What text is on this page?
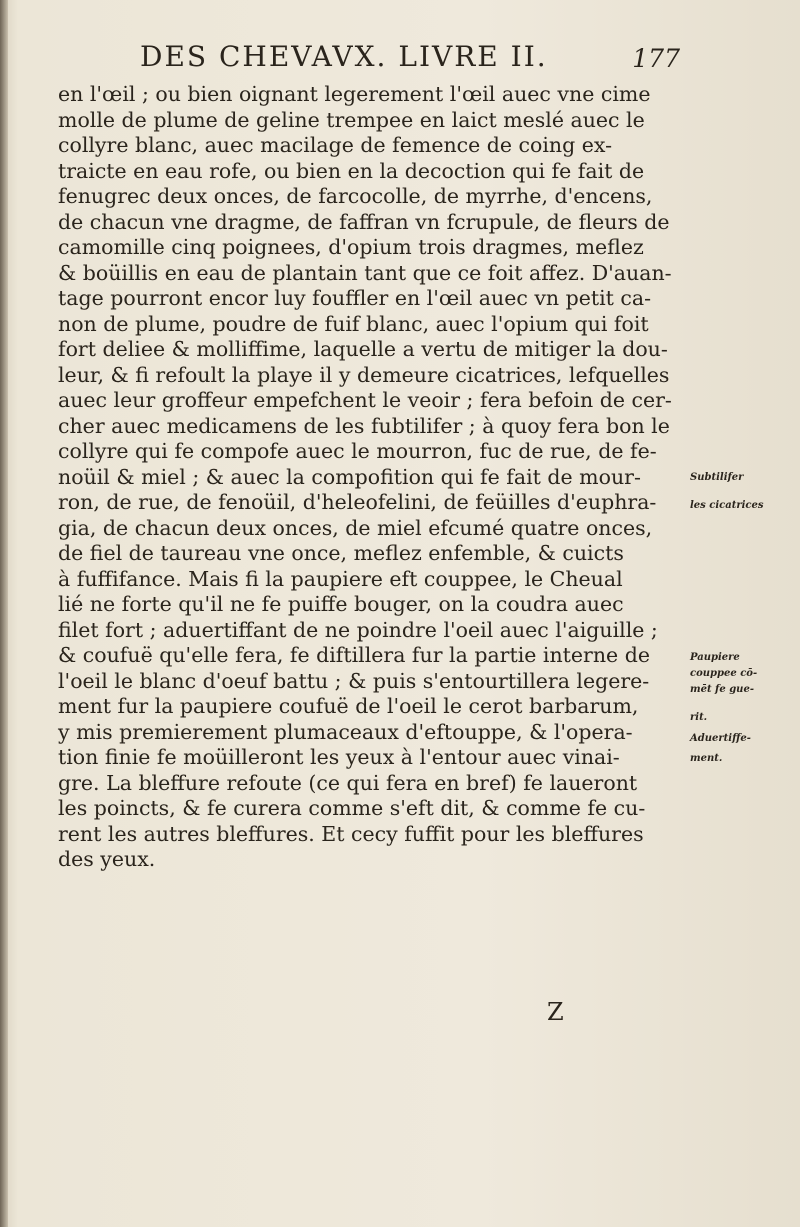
DES CHEVAVX. LIVRE II.	177
en l'œil ; ou bien oignant legerement l'œil auec vne cime
molle de plume de geline trempee en laict meslé auec le
collyre blanc, auec macilage de femence de coing ex-
traicte en eau rofe, ou bien en la decoction qui fe fait de
fenugrec deux onces, de farcocolle, de myrrhe, d'encens,
de chacun vne dragme, de faffran vn fcrupule, de fleurs de
camomille cinq poignees, d'opium trois dragmes, meflez
& boüillis en eau de plantain tant que ce foit affez. D'auan-
tage pourront encor luy fouffler en l'œil auec vn petit ca-
non de plume, poudre de fuif blanc, auec l'opium qui foit
fort deliee & molliffime, laquelle a vertu de mitiger la dou-
leur, & fi refoult la playe il y demeure cicatrices, lefquelles
auec leur groffeur empefchent le veoir ; fera befoin de cer-
cher auec medicamens de les fubtilifer ; à quoy fera bon le
collyre qui fe compofe auec le mourron, fuc de rue, de fe-
noüil & miel ; & auec la compofition qui fe fait de mour-
ron, de rue, de fenoüil, d'heleofelini, de feüilles d'euphra-
gia, de chacun deux onces, de miel efcumé quatre onces,
de fiel de taureau vne once, meflez enfemble, & cuicts
à fuffifance. Mais fi la paupiere eft couppee, le Cheual
lié ne forte qu'il ne fe puiffe bouger, on la coudra auec
filet fort ; aduertiffant de ne poindre l'oeil auec l'aiguille ;
& coufuë qu'elle fera, fe diftillera fur la partie interne de
l'oeil le blanc d'oeuf battu ; & puis s'entourtillera legere-
ment fur la paupiere coufuë de l'oeil le cerot barbarum,
y mis premierement plumaceaux d'eftouppe, & l'opera-
tion finie fe moüilleront les yeux à l'entour auec vinai-
gre. La bleffure refoute (ce qui fera en bref) fe laueront
les poincts, & fe curera comme s'eft dit, & comme fe cu-
rent les autres bleffures. Et cecy fuffit pour les bleffures
des yeux.
Subtilifer
les cicatrices
Paupiere
couppee cō-
mēt fe gue-
rit.
Aduertiffe-
ment.
Z
